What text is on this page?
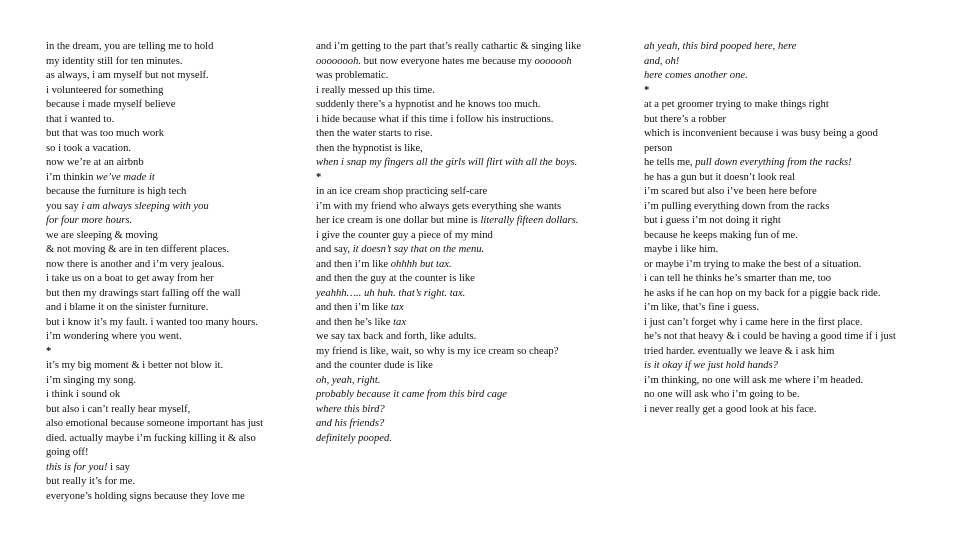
in the dream, you are telling me to hold
my identity still for ten minutes.
as always, i am myself but not myself.
i volunteered for something
because i made myself believe
that i wanted to.
but that was too much work
so i took a vacation.
now we’re at an airbnb
i’m thinkin we’ve made it
because the furniture is high tech
you say i am always sleeping with you
for four more hours.
we are sleeping & moving
& not moving & are in ten different places.
now there is another and i’m very jealous.
i take us on a boat to get away from her
but then my drawings start falling off the wall
and i blame it on the sinister furniture.
but i know it’s my fault. i wanted too many hours.
i’m wondering where you went.
*
it’s my big moment & i better not blow it.
i’m singing my song.
i think i sound ok
but also i can’t really hear myself,
also emotional because someone important has just
died. actually maybe i’m fucking killing it & also
going off!
this is for you! i say
but really it’s for me.
everyone’s holding signs because they love me
and i’m getting to the part that’s really cathartic & singing like
oooooooh. but now everyone hates me because my ooooooh
was problematic.
i really messed up this time.
suddenly there’s a hypnotist and he knows too much.
i hide because what if this time i follow his instructions.
then the water starts to rise.
then the hypnotist is like,
when i snap my fingers all the girls will flirt with all the boys.
*
in an ice cream shop practicing self-care
i’m with my friend who always gets everything she wants
her ice cream is one dollar but mine is literally fifteen dollars.
i give the counter guy a piece of my mind
and say, it doesn’t say that on the menu.
and then i’m like ohhhh but tax.
and then the guy at the counter is like
yeahhh….. uh huh. that’s right. tax.
and then i’m like tax
and then he’s like tax
we say tax back and forth, like adults.
my friend is like, wait, so why is my ice cream so cheap?
and the counter dude is like
oh, yeah, right.
probably because it came from this bird cage
where this bird?
and his friends?
definitely pooped.
ah yeah, this bird pooped here, here
and, oh!
here comes another one.
*
at a pet groomer trying to make things right
but there’s a robber
which is inconvenient because i was busy being a good
person
he tells me, pull down everything from the racks!
he has a gun but it doesn’t look real
i’m scared but also i’ve been here before
i’m pulling everything down from the racks
but i guess i’m not doing it right
because he keeps making fun of me.
maybe i like him.
or maybe i’m trying to make the best of a situation.
i can tell he thinks he’s smarter than me, too
he asks if he can hop on my back for a piggie back ride.
i’m like, that’s fine i guess.
i just can’t forget why i came here in the first place.
he’s not that heavy & i could be having a good time if i just
tried harder. eventually we leave & i ask him
is it okay if we just hold hands?
i’m thinking, no one will ask me where i’m headed.
no one will ask who i’m going to be.
i never really get a good look at his face.
